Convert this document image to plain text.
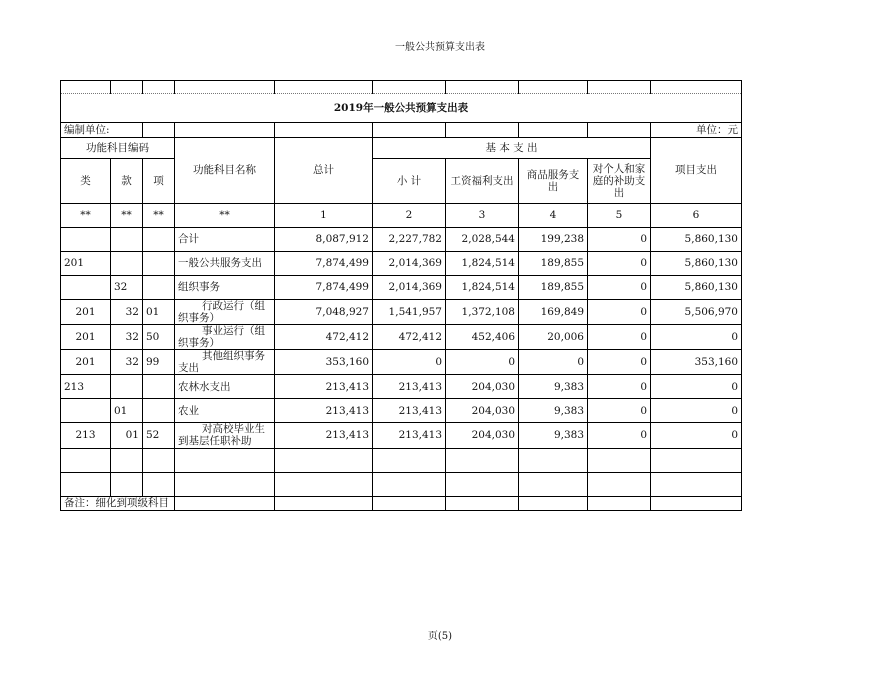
一般公共预算支出表

2019年一般公共预算支出表									
编制单位:									单位：元
功能科目编码			功能科目名称	总计	基 本 支 出				项目支出
类	款	项			小 计	工资福利支出	商品服务支出	对个人和家庭的补助支出	
**	**	**	**	1	2	3	4	5	6
			合计	8,087,912	2,227,782	2,028,544	199,238	0	5,860,130
201			一般公共服务支出	7,874,499	2,014,369	1,824,514	189,855	0	5,860,130
	32		组织事务	7,874,499	2,014,369	1,824,514	189,855	0	5,860,130
201	32	01	行政运行（组织事务）	7,048,927	1,541,957	1,372,108	169,849	0	5,506,970
201	32	50	事业运行（组织事务）	472,412	472,412	452,406	20,006	0	0
201	32	99	其他组织事务支出	353,160	0	0	0	0	353,160
213			农林水支出	213,413	213,413	204,030	9,383	0	0
	01		农业	213,413	213,413	204,030	9,383	0	0
213	01	52	对高校毕业生到基层任职补助	213,413	213,413	204,030	9,383	0	0

备注：细化到项级科目									
页(5)
